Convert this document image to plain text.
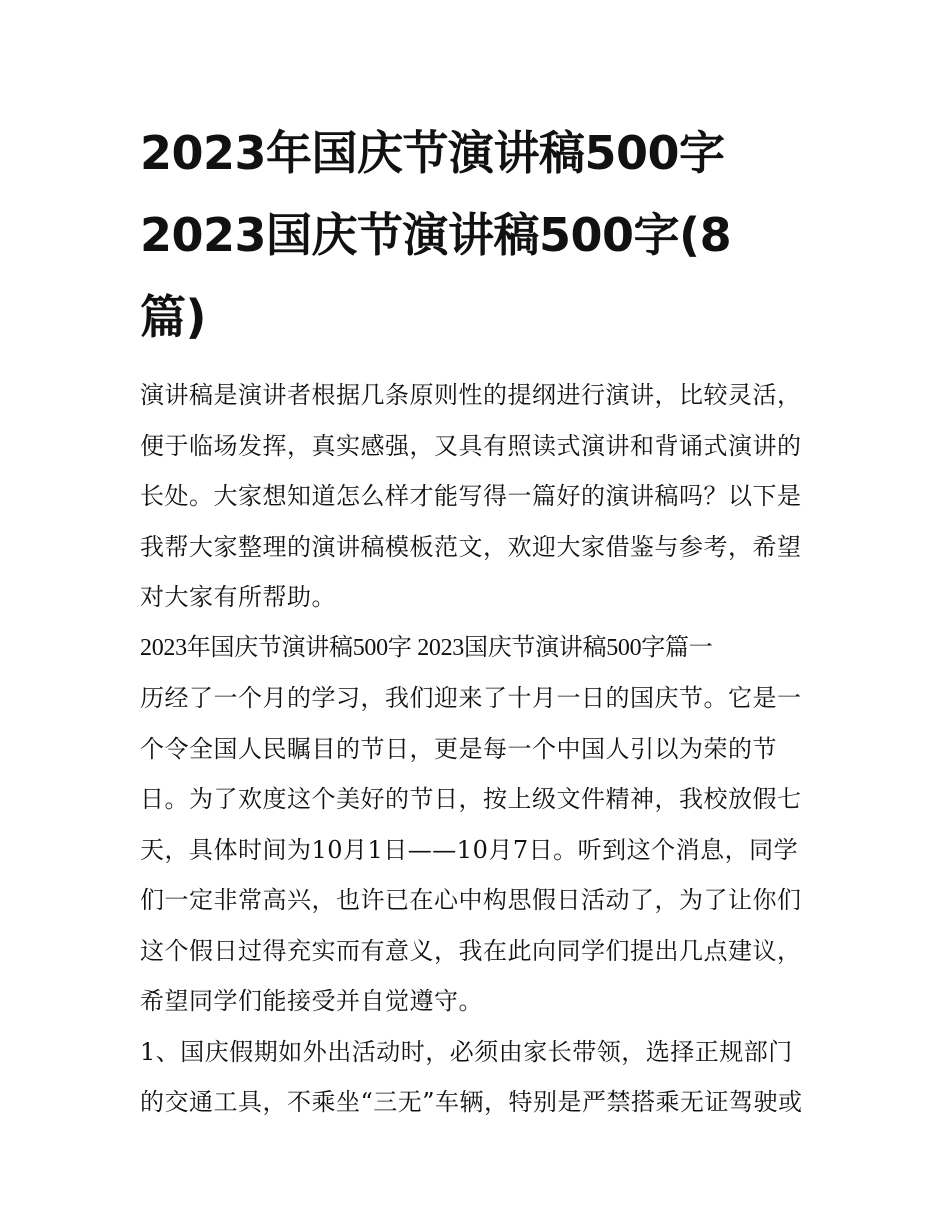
2023年国庆节演讲稿500字
2023国庆节演讲稿500字(8
篇)

演讲稿是演讲者根据几条原则性的提纲进行演讲，比较灵活，
便于临场发挥，真实感强，又具有照读式演讲和背诵式演讲的
长处。大家想知道怎么样才能写得一篇好的演讲稿吗？以下是
我帮大家整理的演讲稿模板范文，欢迎大家借鉴与参考，希望
对大家有所帮助。

2023年国庆节演讲稿500字 2023国庆节演讲稿500字篇一

历经了一个月的学习，我们迎来了十月一日的国庆节。它是一
个令全国人民瞩目的节日，更是每一个中国人引以为荣的节
日。为了欢度这个美好的节日，按上级文件精神，我校放假七
天，具体时间为10月1日——10月7日。听到这个消息，同学
们一定非常高兴，也许已在心中构思假日活动了，为了让你们
这个假日过得充实而有意义，我在此向同学们提出几点建议，
希望同学们能接受并自觉遵守。

1、国庆假期如外出活动时，必须由家长带领，选择正规部门
的交通工具，不乘坐“三无”车辆，特别是严禁搭乘无证驾驶或
